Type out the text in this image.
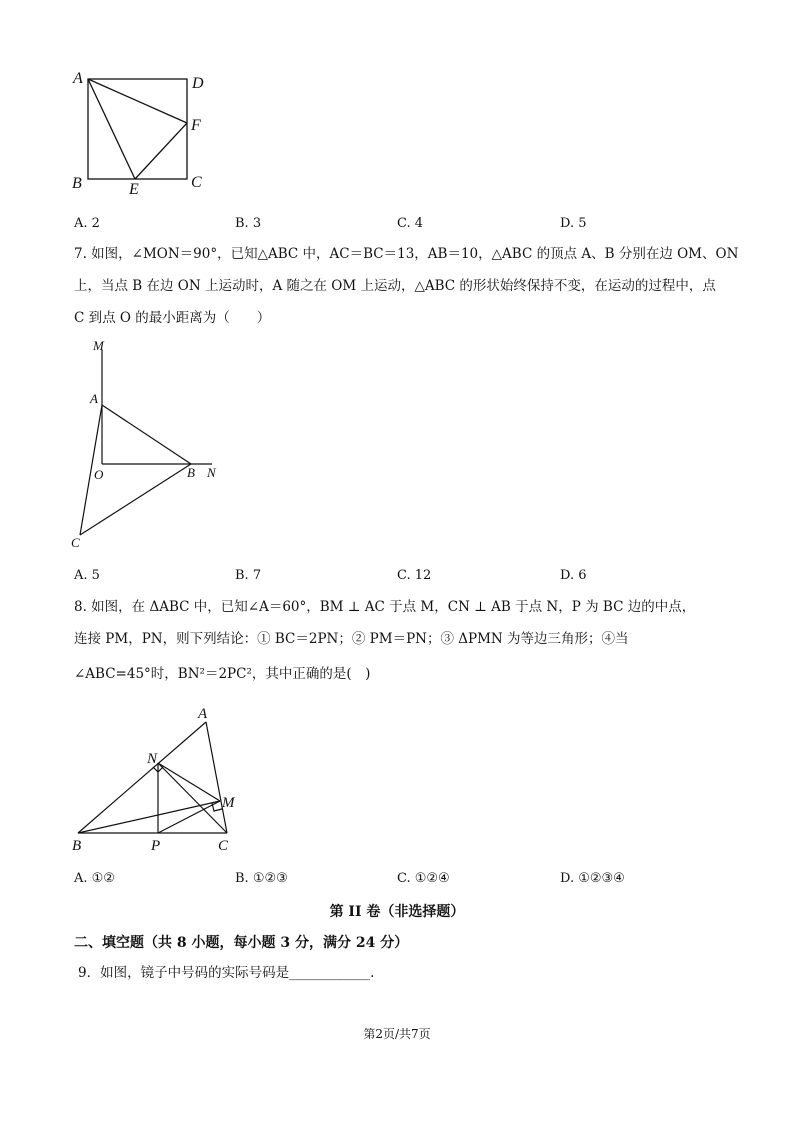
A	D
F
B	E	C
A. 2	B. 3	C. 4	D. 5
7. 如图，∠MON＝90°，已知△ABC 中，AC＝BC＝13，AB＝10，△ABC 的顶点 A、B 分别在边 OM、ON
上，当点 B 在边 ON 上运动时，A 随之在 OM 上运动，△ABC 的形状始终保持不变，在运动的过程中，点
C 到点 O 的最小距离为（　　）
M
A
O	B N
C
A. 5	B. 7	C. 12	D. 6
8. 如图，在 ΔABC 中，已知∠A＝60°，BM ⊥ AC 于点 M，CN ⊥ AB 于点 N，P 为 BC 边的中点，
连接 PM，PN，则下列结论：① BC＝2PN；② PM＝PN；③ ΔPMN 为等边三角形；④当
∠ABC=45°时，BN²＝2PC²，其中正确的是(　)
A
N
M
B	P	C
A. ①②	B. ①②③	C. ①②④	D. ①②③④
第 II 卷（非选择题）
二、填空题（共 8 小题，每小题 3 分，满分 24 分）
9．如图，镜子中号码的实际号码是____________.
第2页/共7页
